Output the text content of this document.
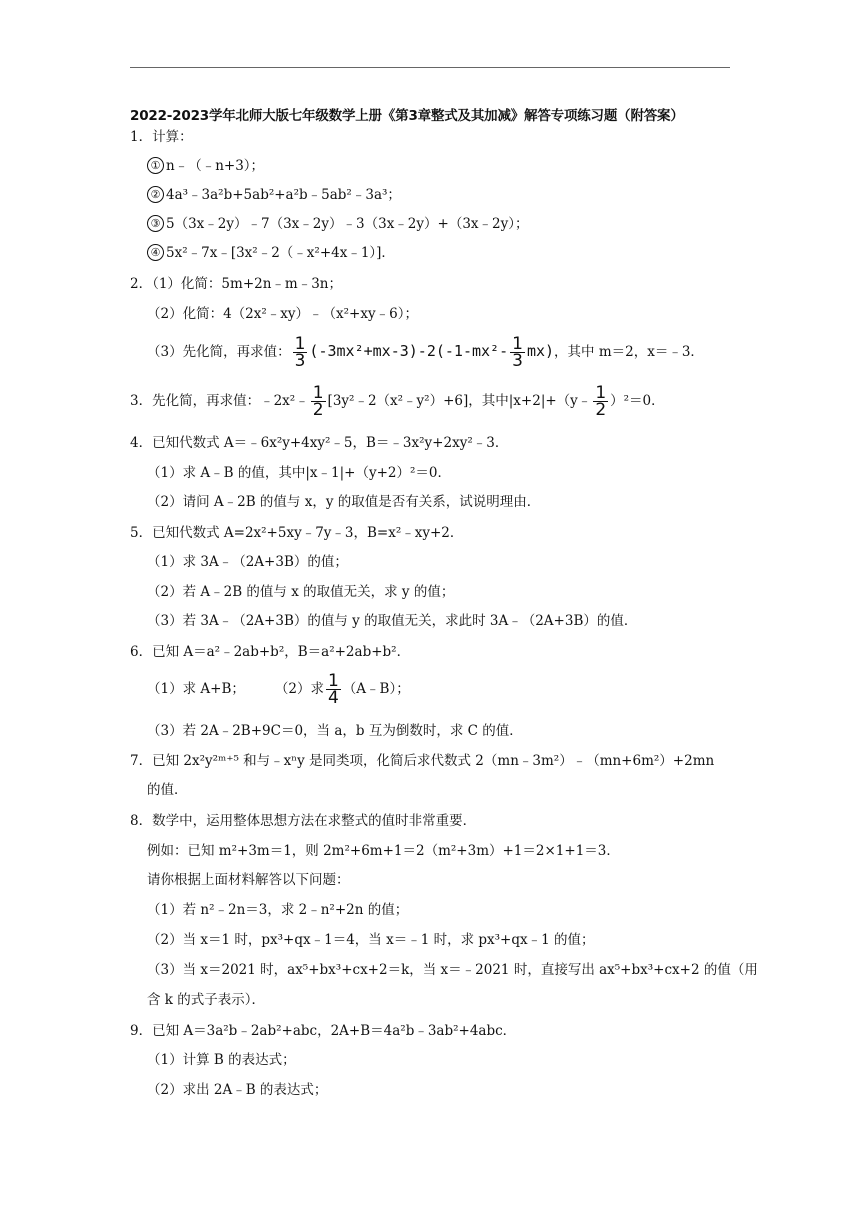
2022-2023学年北师大版七年级数学上册《第3章整式及其加减》解答专项练习题（附答案）
1．计算：
① n﹣（﹣n+3）；
② 4a³﹣3a²b+5ab²+a²b﹣5ab²﹣3a³；
③ 5（3x﹣2y）﹣7（3x﹣2y）﹣3（3x﹣2y）+（3x﹣2y）；
④ 5x²﹣7x﹣[3x²﹣2（﹣x²+4x﹣1）]．
2．（1）化简：5m+2n﹣m﹣3n；
（2）化简：4（2x²﹣xy）﹣（x²+xy﹣6）；
（3）先化简，再求值： $\frac{1}{3} (-3mx^2+mx-3)-2(-1-mx^2- \frac{1}{3} mx)$，其中 m＝2，x＝﹣3．
3．先化简，再求值：﹣2x²﹣ $\frac{1}{2}$ [3y²﹣2（x²﹣y²）+6]，其中|x+2|+（y﹣ $\frac{1}{2} )^2=0$．
4．已知代数式 A＝﹣6x²y+4xy²﹣5，B＝﹣3x²y+2xy²﹣3．
（1）求 A﹣B 的值，其中|x﹣1|+（y+2）²＝0．
（2）请问 A﹣2B 的值与 x，y 的取值是否有关系，试说明理由．
5．已知代数式 A=2x²+5xy﹣7y﹣3，B=x²﹣xy+2．
（1）求 3A﹣（2A+3B）的值；
（2）若 A﹣2B 的值与 x 的取值无关，求 y 的值；
（3）若 3A﹣（2A+3B）的值与 y 的取值无关，求此时 3A﹣（2A+3B）的值．
6．已知 A＝a²﹣2ab+b²，B＝a²+2ab+b²．
（1）求 A+B； （2）求 $\frac{1}{4}$ （A﹣B）；
（3）若 2A﹣2B+9C＝0，当 a，b 互为倒数时，求 C 的值．
7．已知 2x²y²ᵐ⁺⁵ 和与﹣xⁿy 是同类项，化简后求代数式 2（mn﹣3m²）﹣（mn+6m²）+2mn
的值．
8．数学中，运用整体思想方法在求整式的值时非常重要．
例如：已知 m²+3m＝1，则 2m²+6m+1＝2（m²+3m）+1＝2×1+1＝3．
请你根据上面材料解答以下问题：
（1）若 n²﹣2n＝3，求 2﹣n²+2n 的值；
（2）当 x＝1 时，px³+qx﹣1＝4，当 x＝﹣1 时，求 px³+qx﹣1 的值；
（3）当 x＝2021 时，ax⁵+bx³+cx+2＝k，当 x＝﹣2021 时，直接写出 ax⁵+bx³+cx+2 的值（用
含 k 的式子表示）．
9．已知 A＝3a²b﹣2ab²+abc，2A+B＝4a²b﹣3ab²+4abc．
（1）计算 B 的表达式；
（2）求出 2A﹣B 的表达式；
